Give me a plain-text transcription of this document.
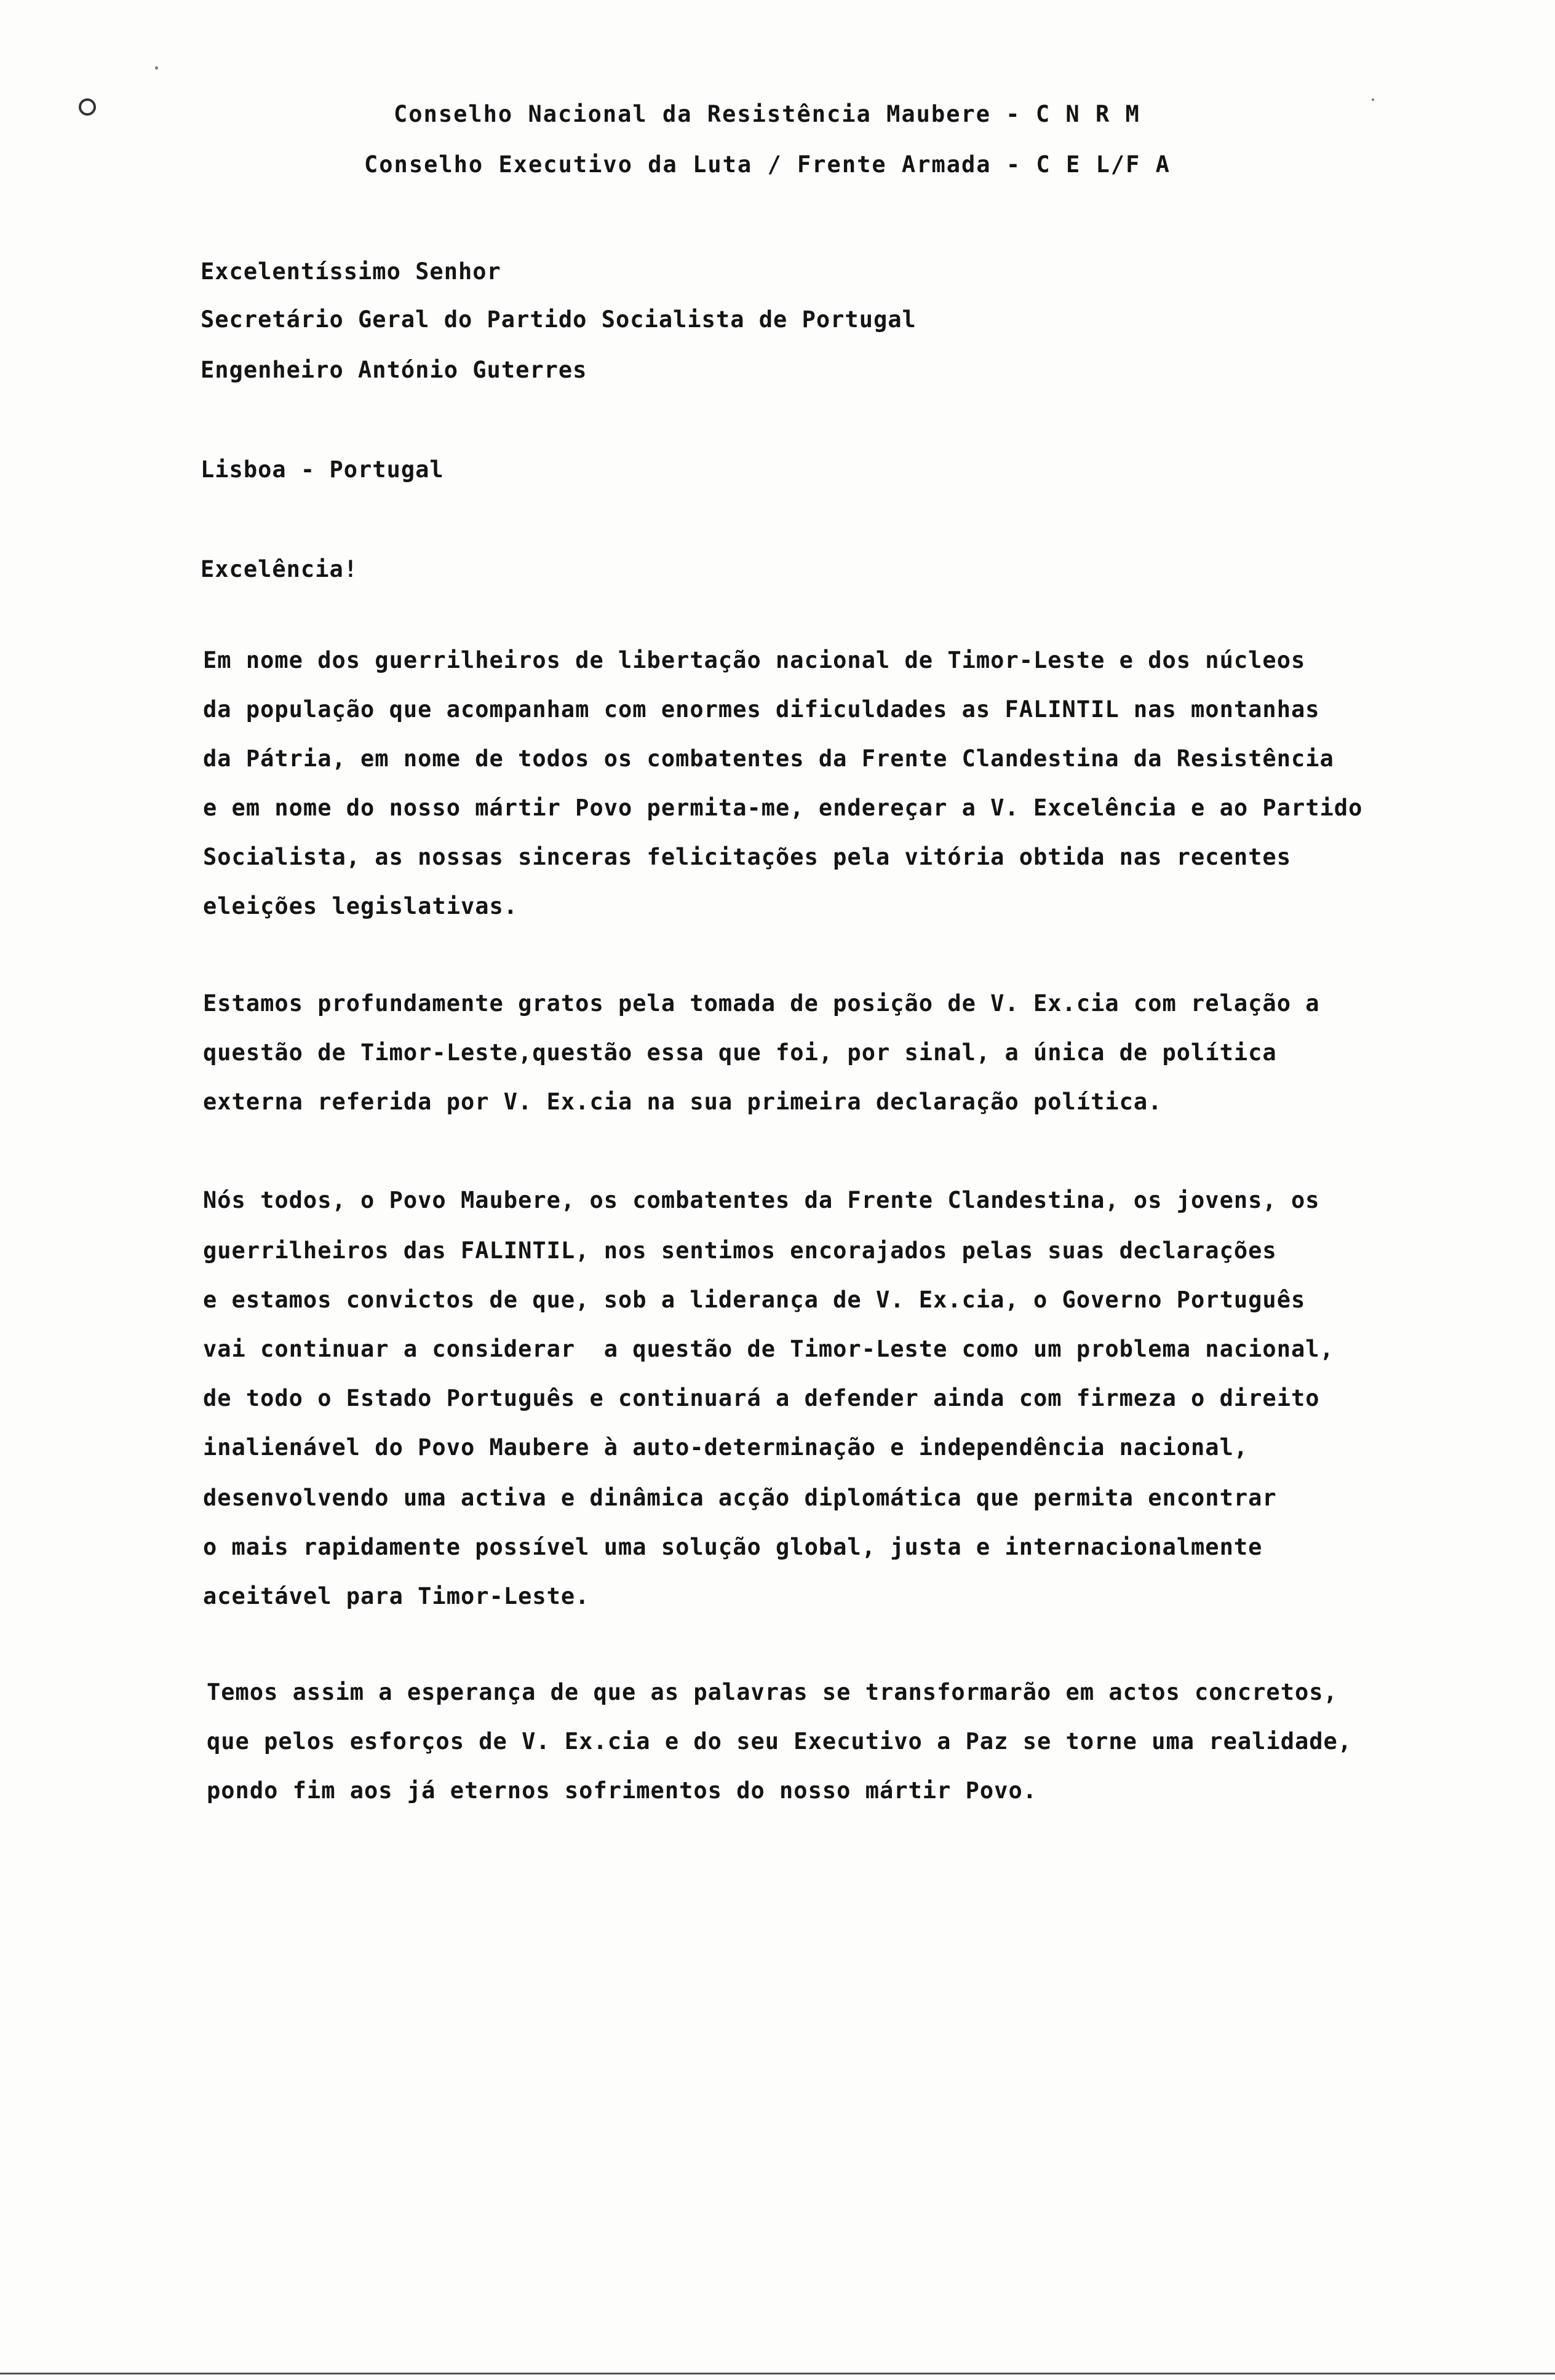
Conselho Nacional da Resistência Maubere - C N R M
Conselho Executivo da Luta / Frente Armada - C E L/F A
Excelentíssimo Senhor
Secretário Geral do Partido Socialista de Portugal
Engenheiro António Guterres
Lisboa - Portugal
Excelência!
Em nome dos guerrilheiros de libertação nacional de Timor-Leste e dos núcleos
da população que acompanham com enormes dificuldades as FALINTIL nas montanhas
da Pátria, em nome de todos os combatentes da Frente Clandestina da Resistência
e em nome do nosso mártir Povo permita-me, endereçar a V. Excelência e ao Partido
Socialista, as nossas sinceras felicitações pela vitória obtida nas recentes
eleições legislativas.
Estamos profundamente gratos pela tomada de posição de V. Ex.cia com relação a
questão de Timor-Leste,questão essa que foi, por sinal, a única de política
externa referida por V. Ex.cia na sua primeira declaração política.
Nós todos, o Povo Maubere, os combatentes da Frente Clandestina, os jovens, os
guerrilheiros das FALINTIL, nos sentimos encorajados pelas suas declarações
e estamos convictos de que, sob a liderança de V. Ex.cia, o Governo Português
vai continuar a considerar  a questão de Timor-Leste como um problema nacional,
de todo o Estado Português e continuará a defender ainda com firmeza o direito
inalienável do Povo Maubere à auto-determinação e independência nacional,
desenvolvendo uma activa e dinâmica acção diplomática que permita encontrar
o mais rapidamente possível uma solução global, justa e internacionalmente
aceitável para Timor-Leste.
Temos assim a esperança de que as palavras se transformarão em actos concretos,
que pelos esforços de V. Ex.cia e do seu Executivo a Paz se torne uma realidade,
pondo fim aos já eternos sofrimentos do nosso mártir Povo.
